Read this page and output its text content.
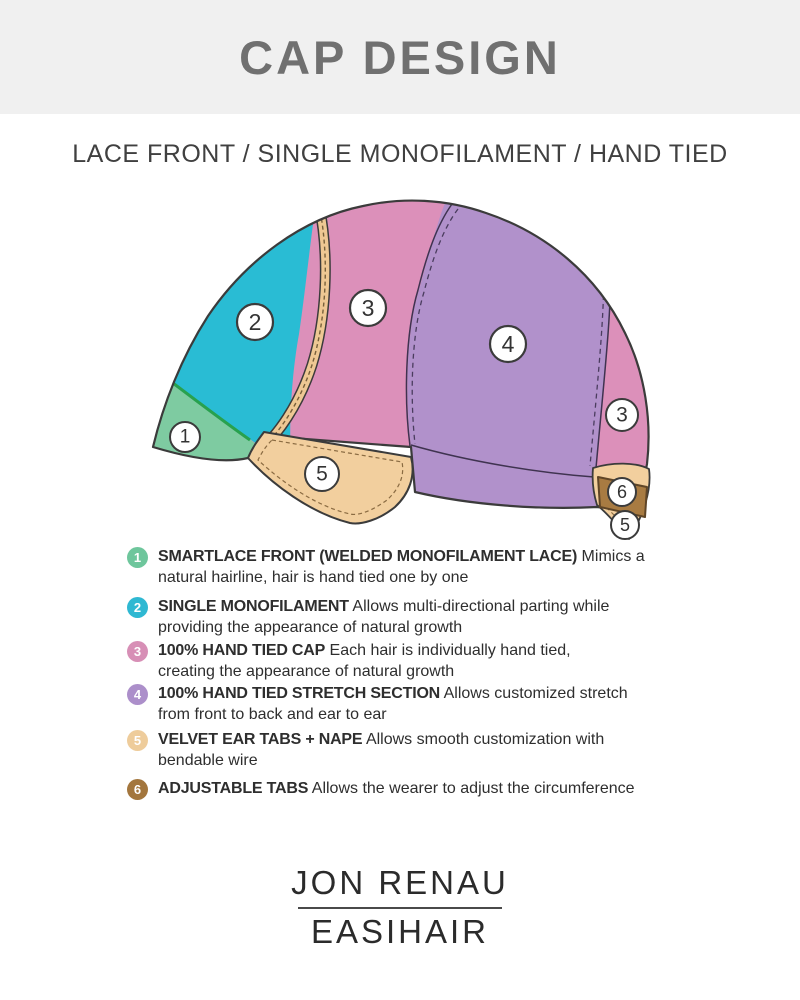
CAP DESIGN
LACE FRONT / SINGLE MONOFILAMENT / HAND TIED
1
2
3
4
3
5
6
5
1	SMARTLACE FRONT (WELDED MONOFILAMENT LACE) Mimics a
natural hairline, hair is hand tied one by one

2	SINGLE MONOFILAMENT Allows multi-directional parting while
providing the appearance of natural growth

3	100% HAND TIED CAP Each hair is individually hand tied,
creating the appearance of natural growth

4	100% HAND TIED STRETCH SECTION Allows customized stretch
from front to back and ear to ear

5	VELVET EAR TABS + NAPE Allows smooth customization with
bendable wire

6	ADJUSTABLE TABS Allows the wearer to adjust the circumference

JON RENAU
EASIHAIR
